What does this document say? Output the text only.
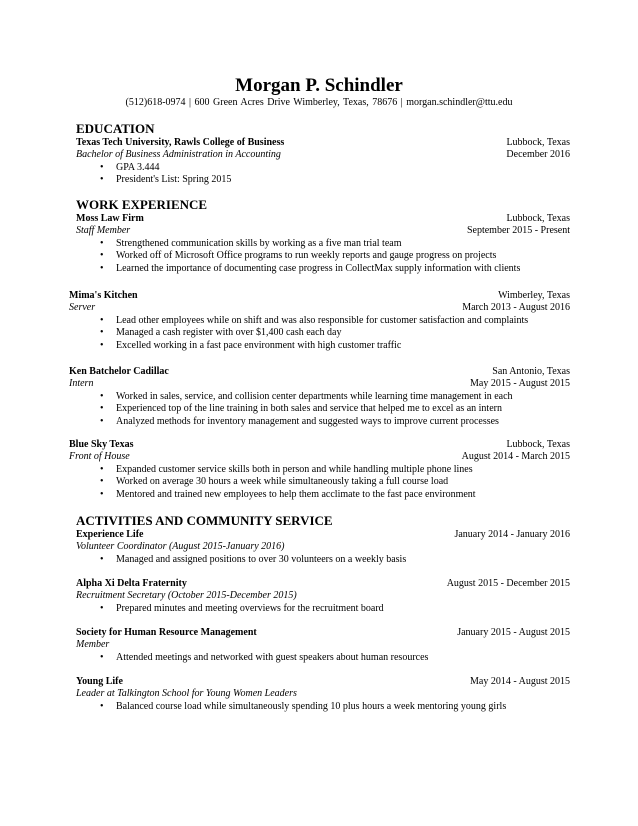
Morgan P. Schindler
(512)618-0974 | 600 Green Acres Drive Wimberley, Texas, 78676 | morgan.schindler@ttu.edu
EDUCATION
Texas Tech University, Rawls College of Business	Lubbock, Texas
Bachelor of Business Administration in Accounting	December 2016
• GPA 3.444
• President's List: Spring 2015
WORK EXPERIENCE
Moss Law Firm	Lubbock, Texas
Staff Member	September 2015 - Present
• Strengthened communication skills by working as a five man trial team
• Worked off of Microsoft Office programs to run weekly reports and gauge progress on projects
• Learned the importance of documenting case progress in CollectMax supply information with clients
Mima's Kitchen	Wimberley, Texas
Server	March 2013 - August 2016
• Lead other employees while on shift and was also responsible for customer satisfaction and complaints
• Managed a cash register with over $1,400 cash each day
• Excelled working in a fast pace environment with high customer traffic
Ken Batchelor Cadillac	San Antonio, Texas
Intern	May 2015 - August 2015
• Worked in sales, service, and collision center departments while learning time management in each
• Experienced top of the line training in both sales and service that helped me to excel as an intern
• Analyzed methods for inventory management and suggested ways to improve current processes
Blue Sky Texas	Lubbock, Texas
Front of House	August 2014 - March 2015
• Expanded customer service skills both in person and while handling multiple phone lines
• Worked on average 30 hours a week while simultaneously taking a full course load
• Mentored and trained new employees to help them acclimate to the fast pace environment
ACTIVITIES AND COMMUNITY SERVICE
Experience Life	January 2014 - January 2016
Volunteer Coordinator (August 2015-January 2016)
• Managed and assigned positions to over 30 volunteers on a weekly basis
Alpha Xi Delta Fraternity	August 2015 - December 2015
Recruitment Secretary (October 2015-December 2015)
• Prepared minutes and meeting overviews for the recruitment board
Society for Human Resource Management	January 2015 - August 2015
Member
• Attended meetings and networked with guest speakers about human resources
Young Life	May 2014 - August 2015
Leader at Talkington School for Young Women Leaders
• Balanced course load while simultaneously spending 10 plus hours a week mentoring young girls
